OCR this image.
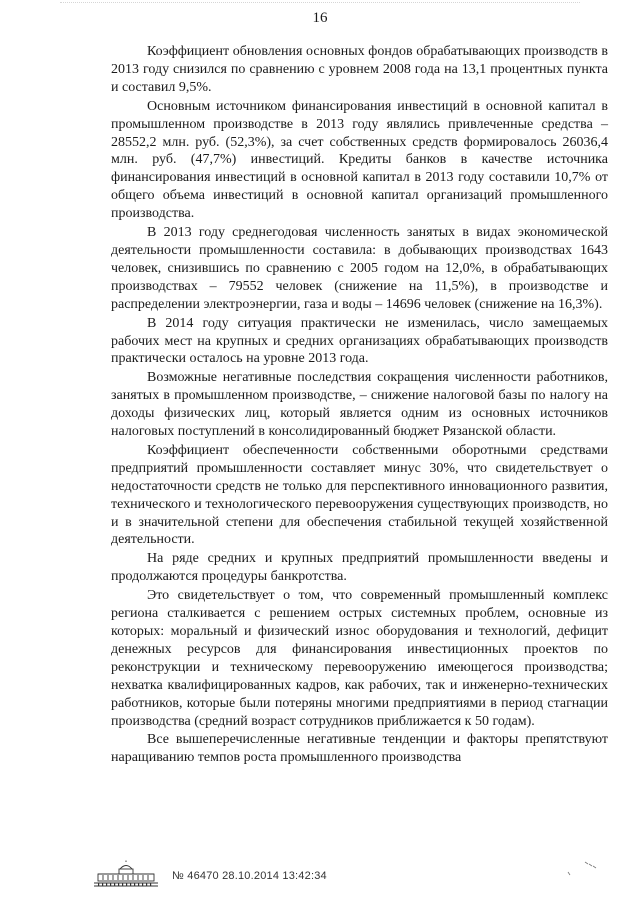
16

Коэффициент обновления основных фондов обрабатывающих производств в 2013 году снизился по сравнению с уровнем 2008 года на 13,1 процентных пункта и составил 9,5%.

Основным источником финансирования инвестиций в основной капитал в промышленном производстве в 2013 году являлись привлеченные средства – 28552,2 млн. руб. (52,3%), за счет собственных средств формировалось 26036,4 млн. руб. (47,7%) инвестиций. Кредиты банков в качестве источника финансирования инвестиций в основной капитал в 2013 году составили 10,7% от общего объема инвестиций в основной капитал организаций промышленного производства.

В 2013 году среднегодовая численность занятых в видах экономической деятельности промышленности составила: в добывающих производствах 1643 человек, снизившись по сравнению с 2005 годом на 12,0%, в обрабатывающих производствах – 79552 человек (снижение на 11,5%), в производстве и распределении электроэнергии, газа и воды – 14696 человек (снижение на 16,3%).

В 2014 году ситуация практически не изменилась, число замещаемых рабочих мест на крупных и средних организациях обрабатывающих производств практически осталось на уровне 2013 года.

Возможные негативные последствия сокращения численности работников, занятых в промышленном производстве, – снижение налоговой базы по налогу на доходы физических лиц, который является одним из основных источников налоговых поступлений в консолидированный бюджет Рязанской области.

Коэффициент обеспеченности собственными оборотными средствами предприятий промышленности составляет минус 30%, что свидетельствует о недостаточности средств не только для перспективного инновационного развития, технического и технологического перевооружения существующих производств, но и в значительной степени для обеспечения стабильной текущей хозяйственной деятельности.

На ряде средних и крупных предприятий промышленности введены и продолжаются процедуры банкротства.

Это свидетельствует о том, что современный промышленный комплекс региона сталкивается с решением острых системных проблем, основные из которых: моральный и физический износ оборудования и технологий, дефицит денежных ресурсов для финансирования инвестиционных проектов по реконструкции и техническому перевооружению имеющегося производства; нехватка квалифицированных кадров, как рабочих, так и инженерно-технических работников, которые были потеряны многими предприятиями в период стагнации производства (средний возраст сотрудников приближается к 50 годам).

Все вышеперечисленные негативные тенденции и факторы препятствуют наращиванию темпов роста промышленного производства

№ 46470 28.10.2014 13:42:34
